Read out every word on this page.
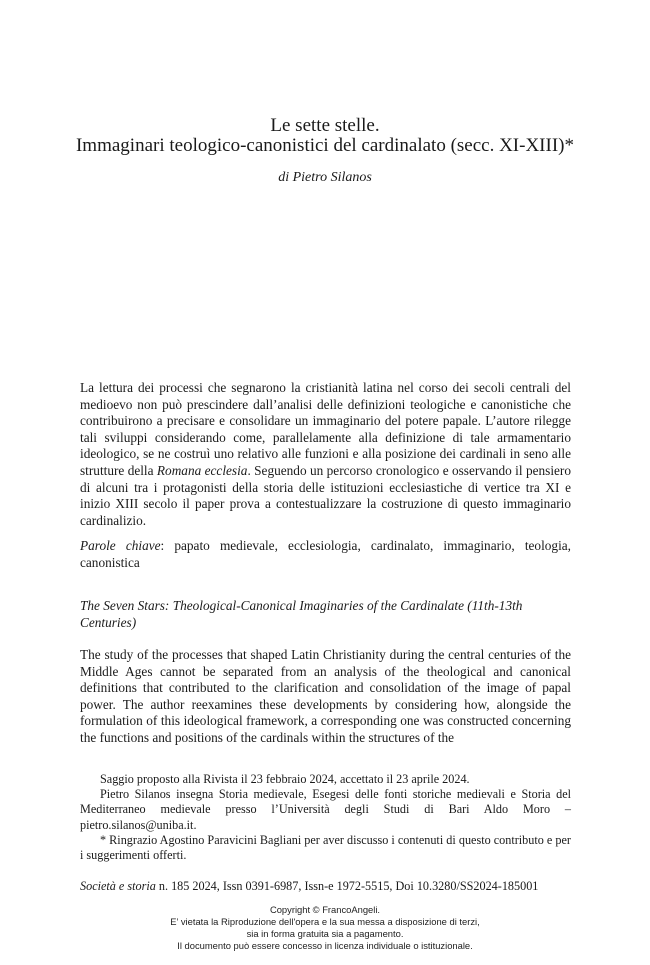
Le sette stelle.
Immaginari teologico-canonistici del cardinalato (secc. XI-XIII)*
di Pietro Silanos
La lettura dei processi che segnarono la cristianità latina nel corso dei secoli centrali del medioevo non può prescindere dall’analisi delle definizioni teologiche e canonistiche che contribuirono a precisare e consolidare un immaginario del potere papale. L’autore rilegge tali sviluppi considerando come, parallelamente alla definizione di tale armamentario ideologico, se ne costruì uno relativo alle funzioni e alla posizione dei cardinali in seno alle strutture della Romana ecclesia. Seguendo un percorso cronologico e osservando il pensiero di alcuni tra i protagonisti della storia delle istituzioni ecclesiastiche di vertice tra XI e inizio XIII secolo il paper prova a contestualizzare la costruzione di questo immaginario cardinalizio.
Parole chiave: papato medievale, ecclesiologia, cardinalato, immaginario, teologia, canonistica
The Seven Stars: Theological-Canonical Imaginaries of the Cardinalate (11th-13th Centuries)
The study of the processes that shaped Latin Christianity during the central centuries of the Middle Ages cannot be separated from an analysis of the theological and canonical definitions that contributed to the clarification and consolidation of the image of papal power. The author reexamines these developments by considering how, alongside the formulation of this ideological framework, a corresponding one was constructed concerning the functions and positions of the cardinals within the structures of the

Saggio proposto alla Rivista il 23 febbraio 2024, accettato il 23 aprile 2024.

Pietro Silanos insegna Storia medievale, Esegesi delle fonti storiche medievali e Storia del Mediterraneo medievale presso l’Università degli Studi di Bari Aldo Moro – pietro.silanos@uniba.it.

* Ringrazio Agostino Paravicini Bagliani per aver discusso i contenuti di questo contributo e per i suggerimenti offerti.

Società e storia n. 185 2024, Issn 0391-6987, Issn-e 1972-5515, Doi 10.3280/SS2024-185001
Copyright © FrancoAngeli.
E’ vietata la Riproduzione dell'opera e la sua messa a disposizione di terzi,
sia in forma gratuita sia a pagamento.
Il documento può essere concesso in licenza individuale o istituzionale.
